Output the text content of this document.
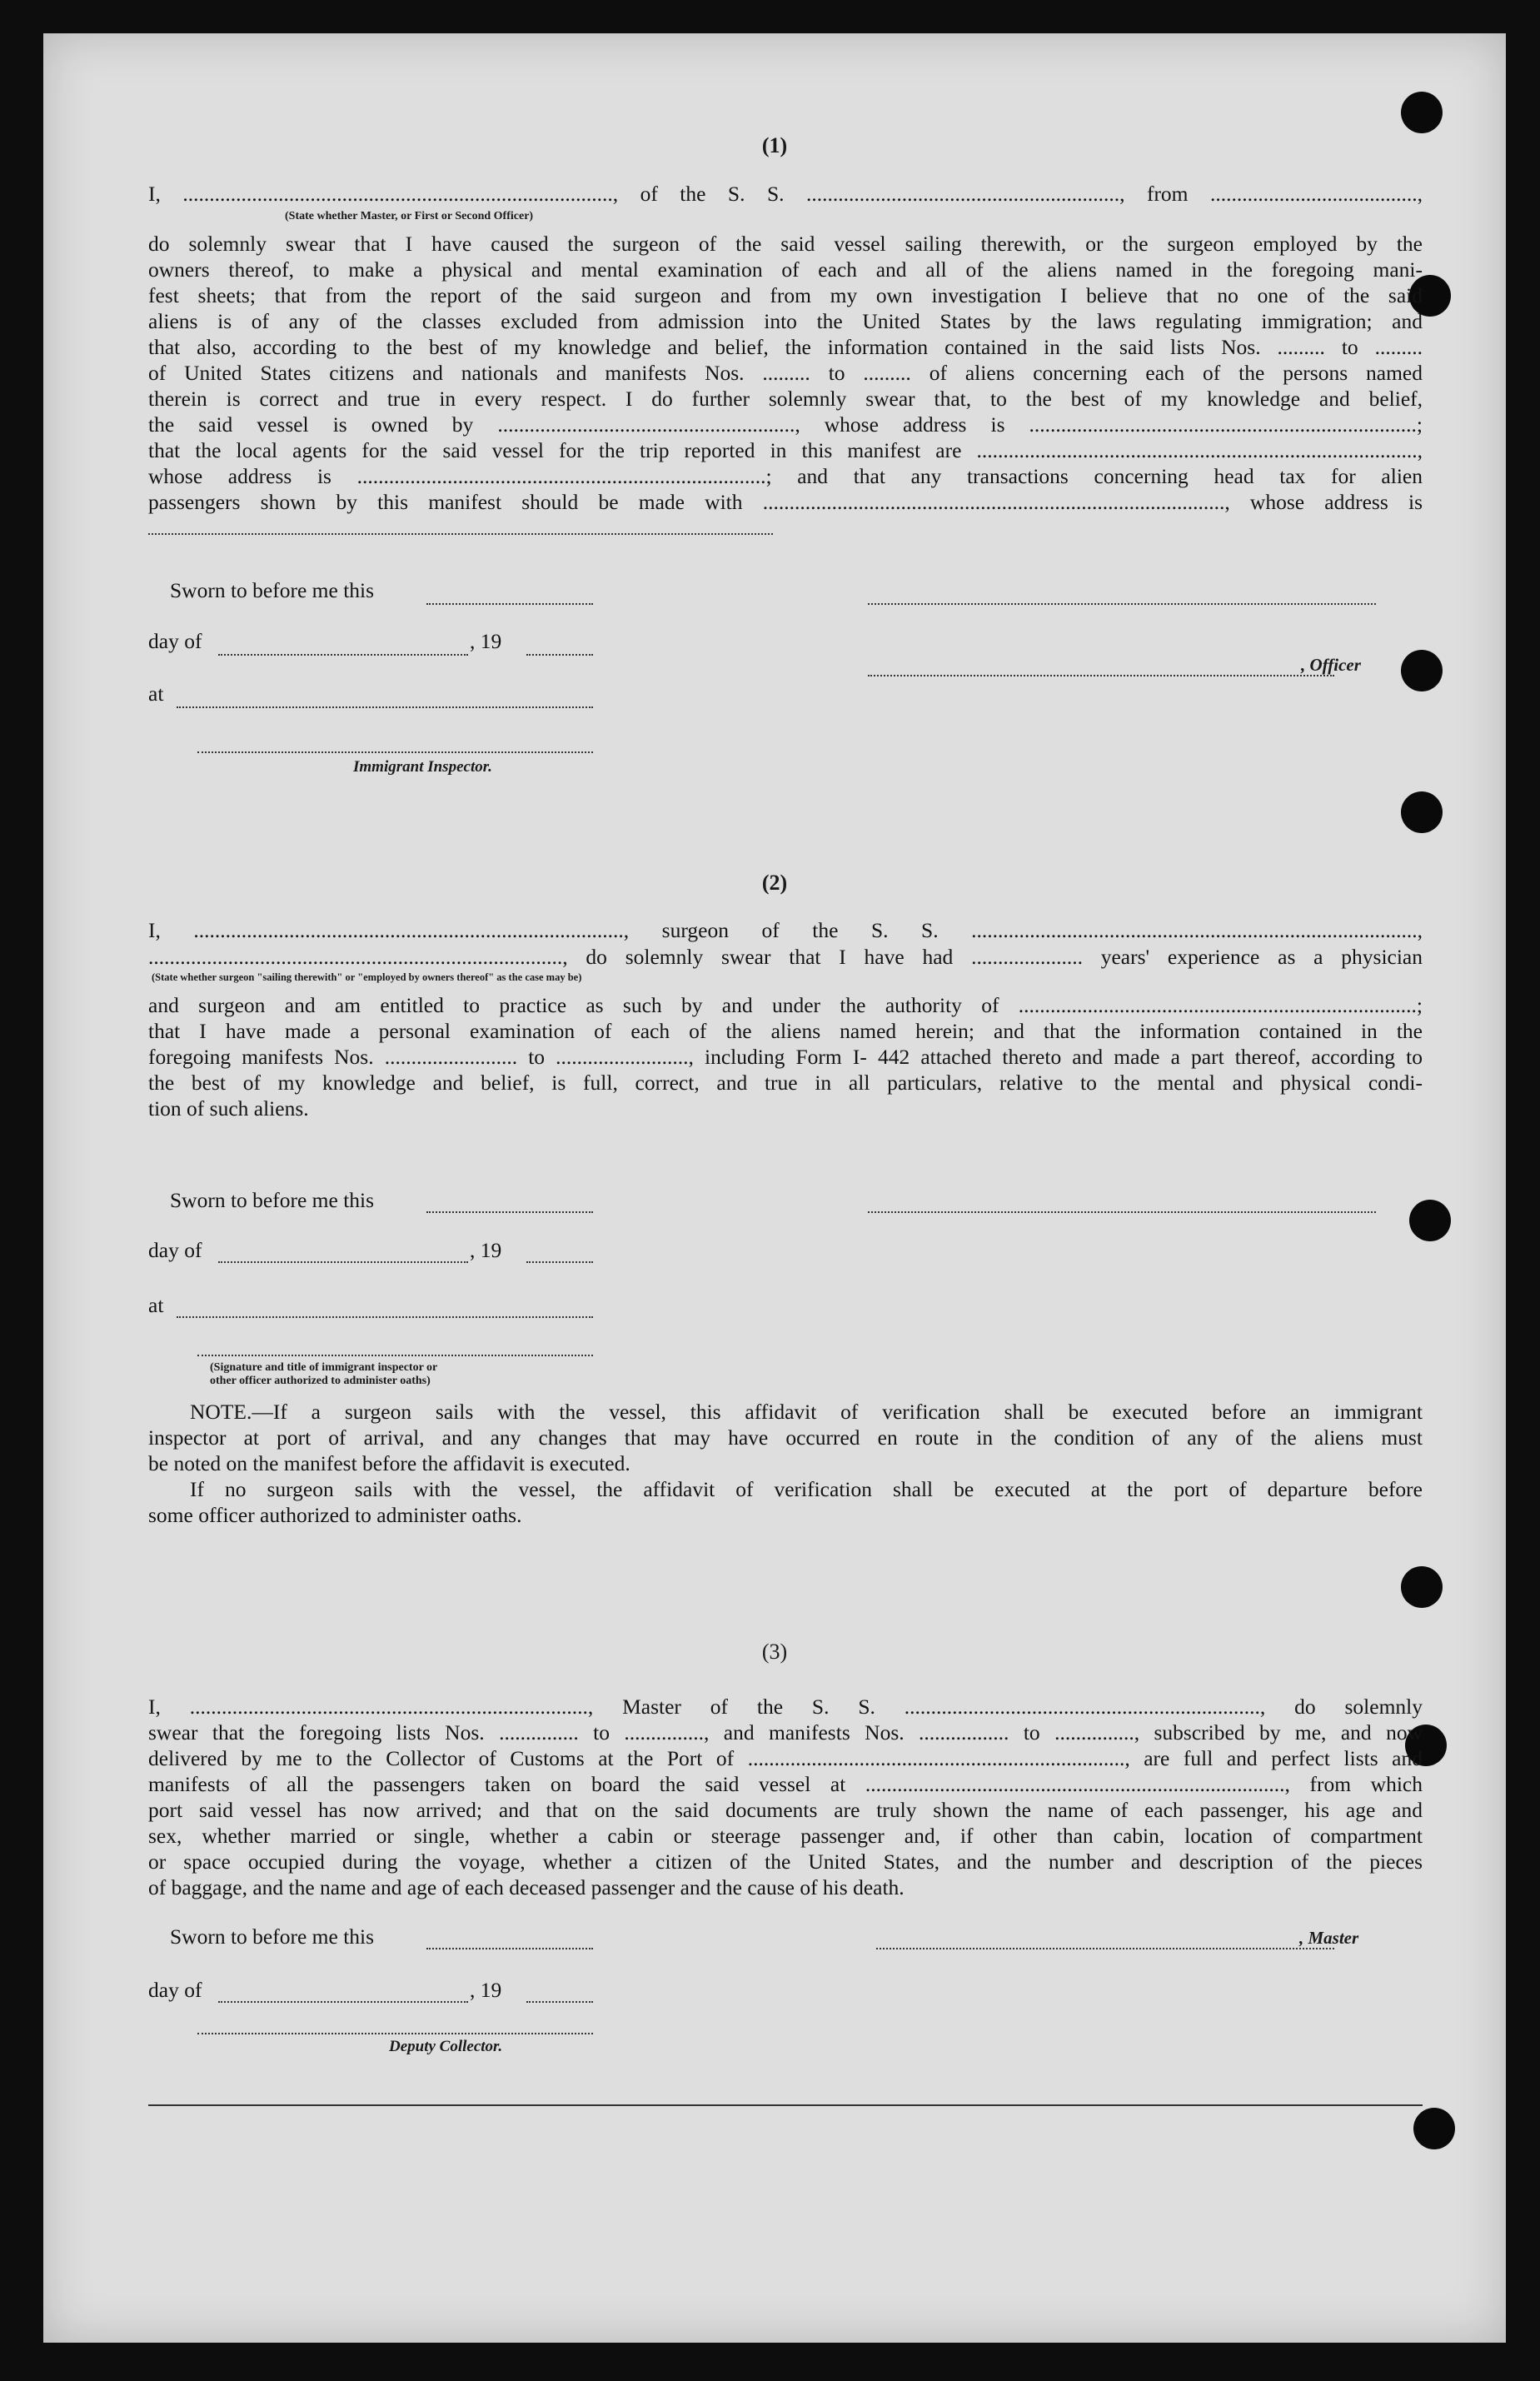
(1)
I, ................................................................................., of the S. S. ..........................................................., from .......................................,
(State whether Master, or First or Second Officer)
do solemnly swear that I have caused the surgeon of the said vessel sailing therewith, or the surgeon employed by the
owners thereof, to make a physical and mental examination of each and all of the aliens named in the foregoing mani-
fest sheets; that from the report of the said surgeon and from my own investigation I believe that no one of the said
aliens is of any of the classes excluded from admission into the United States by the laws regulating immigration; and
that also, according to the best of my knowledge and belief, the information contained in the said lists Nos. ......... to .........
of United States citizens and nationals and manifests Nos. ......... to ......... of aliens concerning each of the persons named
therein is correct and true in every respect. I do further solemnly swear that, to the best of my knowledge and belief,
the said vessel is owned by ........................................................, whose address is .........................................................................;
that the local agents for the said vessel for the trip reported in this manifest are ...................................................................................,
whose address is .............................................................................; and that any transactions concerning head tax for alien
passengers shown by this manifest should be made with ......................................................................................., whose address is
Sworn to before me this
day of	, 19
, Officer
at
Immigrant Inspector.
(2)
I, ................................................................................., surgeon of the S. S. ....................................................................................,
.............................................................................., do solemnly swear that I have had ..................... years' experience as a physician
(State whether surgeon "sailing therewith" or "employed by owners thereof" as the case may be)
and surgeon and am entitled to practice as such by and under the authority of ...........................................................................;
that I have made a personal examination of each of the aliens named herein; and that the information contained in the
foregoing manifests Nos. ......................... to ........................., including Form I- 442 attached thereto and made a part thereof, according to
the best of my knowledge and belief, is full, correct, and true in all particulars, relative to the mental and physical condi-
tion of such aliens.
Sworn to before me this
day of	, 19
at
(Signature and title of immigrant inspector or
other officer authorized to administer oaths)
NOTE.—If a surgeon sails with the vessel, this affidavit of verification shall be executed before an immigrant
inspector at port of arrival, and any changes that may have occurred en route in the condition of any of the aliens must
be noted on the manifest before the affidavit is executed.
If no surgeon sails with the vessel, the affidavit of verification shall be executed at the port of departure before
some officer authorized to administer oaths.
(3)
I, ..........................................................................., Master of the S. S. ..................................................................., do solemnly
swear that the foregoing lists Nos. ............... to ..............., and manifests Nos. ................. to ..............., subscribed by me, and now
delivered by me to the Collector of Customs at the Port of ......................................................................., are full and perfect lists and
manifests of all the passengers taken on board the said vessel at ..............................................................................., from which
port said vessel has now arrived; and that on the said documents are truly shown the name of each passenger, his age and
sex, whether married or single, whether a cabin or steerage passenger and, if other than cabin, location of compartment
or space occupied during the voyage, whether a citizen of the United States, and the number and description of the pieces
of baggage, and the name and age of each deceased passenger and the cause of his death.
Sworn to before me this	, Master
day of	, 19
Deputy Collector.
